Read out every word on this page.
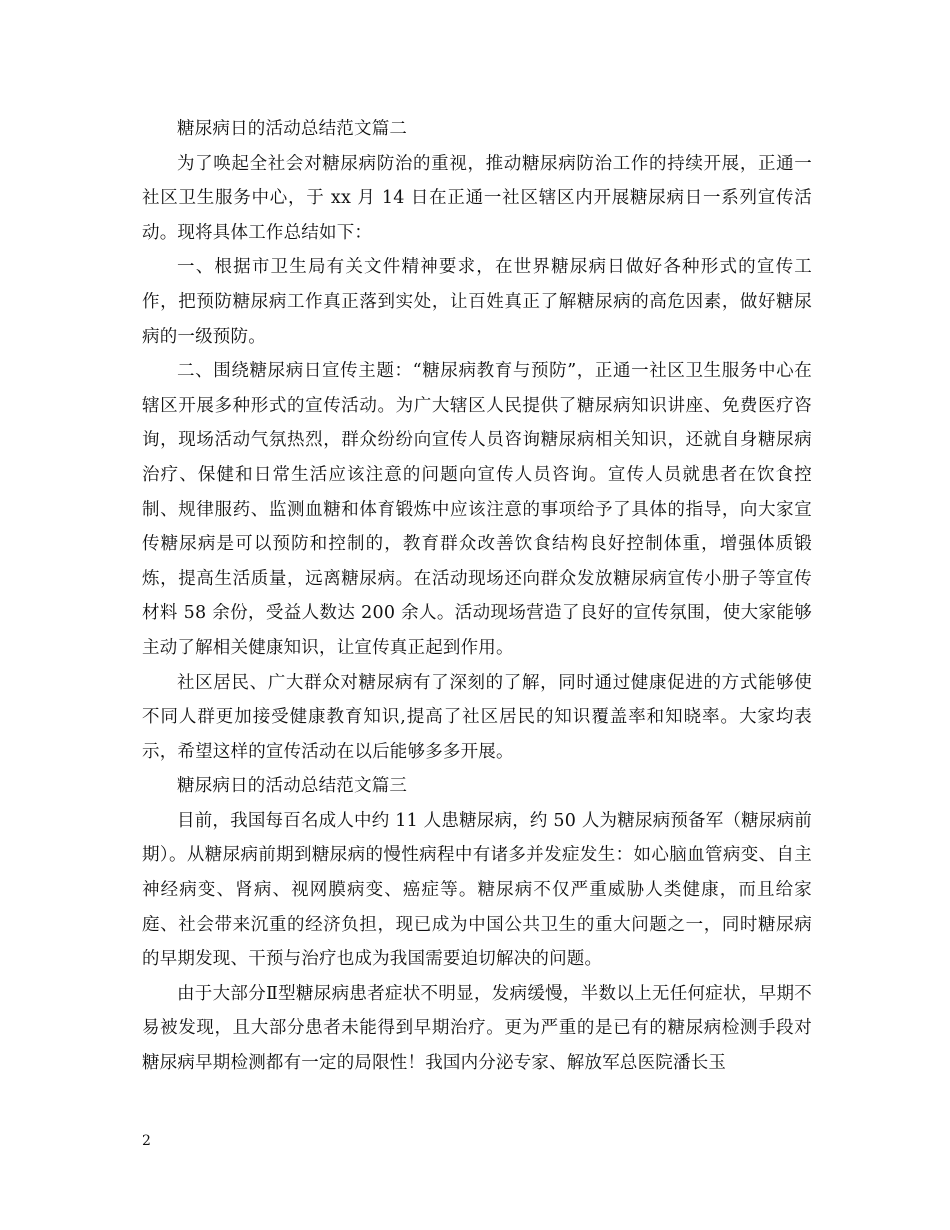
糖尿病日的活动总结范文篇二

为了唤起全社会对糖尿病防治的重视，推动糖尿病防治工作的持续开展，正通一社区卫生服务中心，于 xx 月 14 日在正通一社区辖区内开展糖尿病日一系列宣传活动。现将具体工作总结如下：

一、根据市卫生局有关文件精神要求，在世界糖尿病日做好各种形式的宣传工作，把预防糖尿病工作真正落到实处，让百姓真正了解糖尿病的高危因素，做好糖尿病的一级预防。

二、围绕糖尿病日宣传主题：“糖尿病教育与预防”，正通一社区卫生服务中心在辖区开展多种形式的宣传活动。为广大辖区人民提供了糖尿病知识讲座、免费医疗咨询，现场活动气氛热烈，群众纷纷向宣传人员咨询糖尿病相关知识，还就自身糖尿病治疗、保健和日常生活应该注意的问题向宣传人员咨询。宣传人员就患者在饮食控制、规律服药、监测血糖和体育锻炼中应该注意的事项给予了具体的指导，向大家宣传糖尿病是可以预防和控制的，教育群众改善饮食结构良好控制体重，增强体质锻炼，提高生活质量，远离糖尿病。在活动现场还向群众发放糖尿病宣传小册子等宣传材料 58 余份，受益人数达 200 余人。活动现场营造了良好的宣传氛围，使大家能够主动了解相关健康知识，让宣传真正起到作用。

社区居民、广大群众对糖尿病有了深刻的了解，同时通过健康促进的方式能够使不同人群更加接受健康教育知识,提高了社区居民的知识覆盖率和知晓率。大家均表示，希望这样的宣传活动在以后能够多多开展。

糖尿病日的活动总结范文篇三

目前，我国每百名成人中约 11 人患糖尿病，约 50 人为糖尿病预备军（糖尿病前期）。从糖尿病前期到糖尿病的慢性病程中有诸多并发症发生：如心脑血管病变、自主神经病变、肾病、视网膜病变、癌症等。糖尿病不仅严重威胁人类健康，而且给家庭、社会带来沉重的经济负担，现已成为中国公共卫生的重大问题之一，同时糖尿病的早期发现、干预与治疗也成为我国需要迫切解决的问题。

由于大部分Ⅱ型糖尿病患者症状不明显，发病缓慢，半数以上无任何症状，早期不易被发现，且大部分患者未能得到早期治疗。更为严重的是已有的糖尿病检测手段对糖尿病早期检测都有一定的局限性！我国内分泌专家、解放军总医院潘长玉

2
